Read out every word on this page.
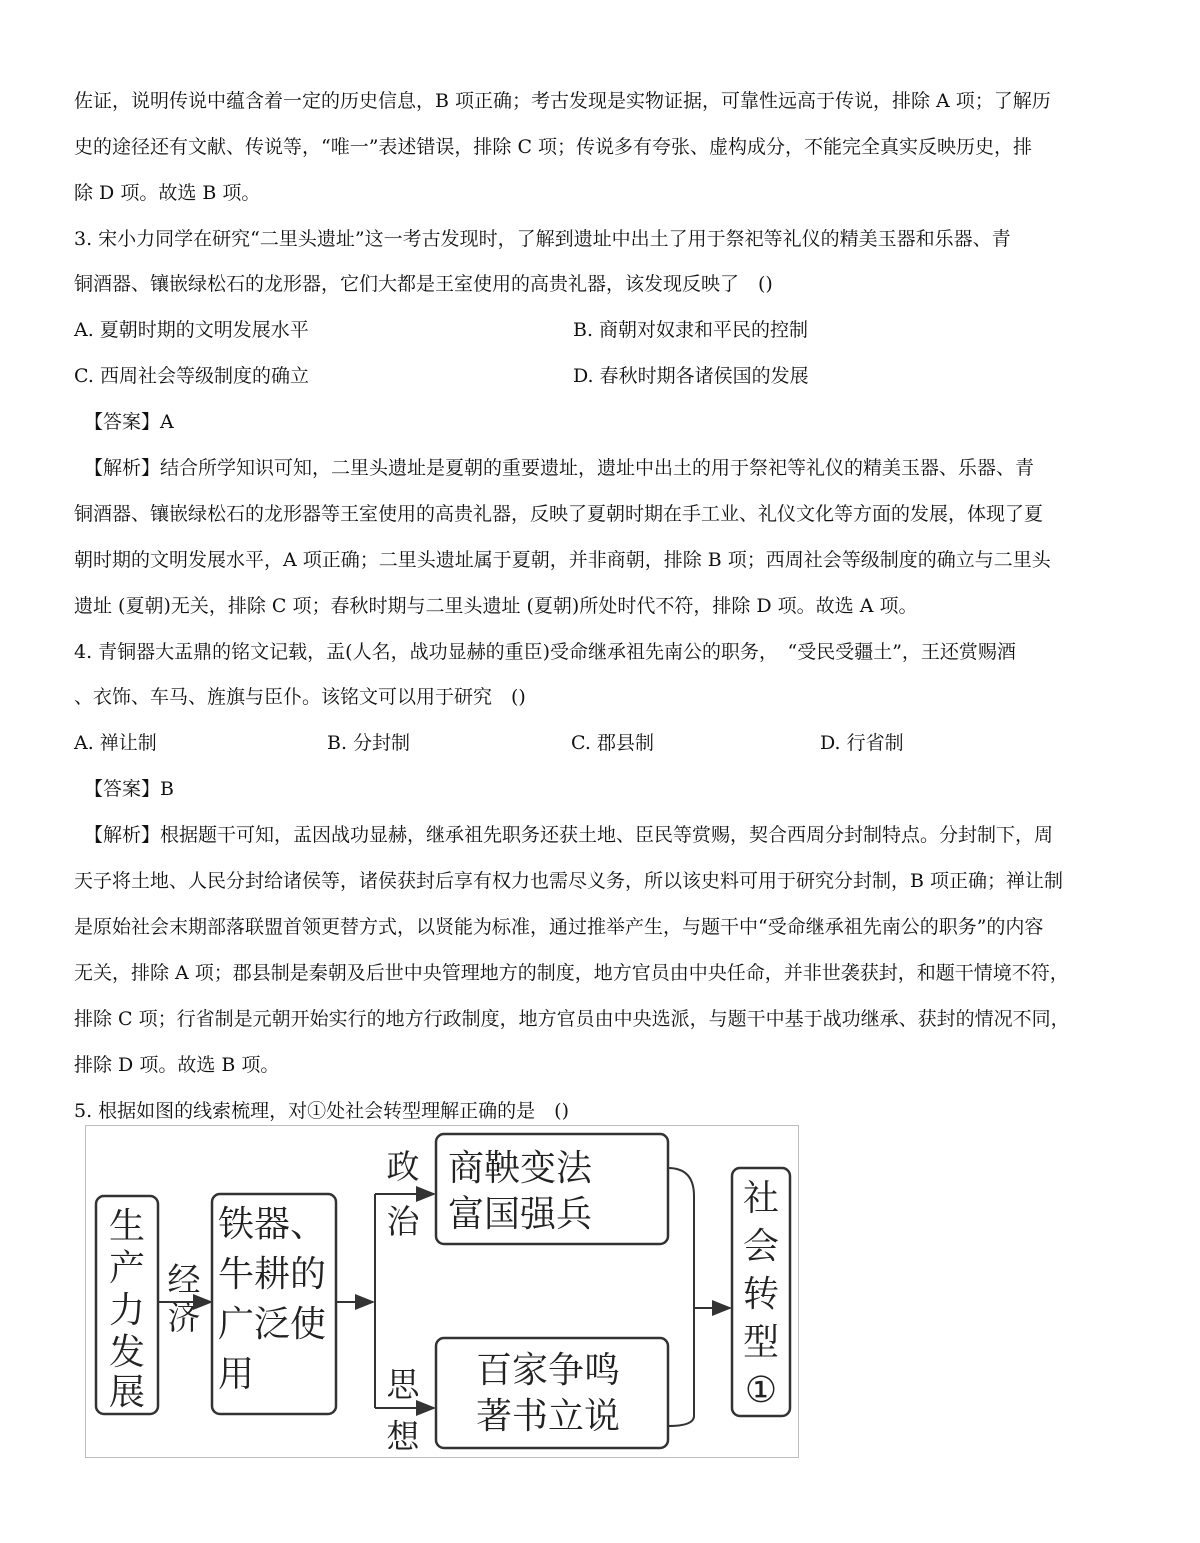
佐证，说明传说中蕴含着一定的历史信息，B 项正确；考古发现是实物证据，可靠性远高于传说，排除 A 项；了解历
史的途径还有文献、传说等，“唯一”表述错误，排除 C 项；传说多有夸张、虚构成分，不能完全真实反映历史，排
除 D 项。故选 B 项。
3. 宋小力同学在研究“二里头遗址”这一考古发现时，了解到遗址中出土了用于祭祀等礼仪的精美玉器和乐器、青
铜酒器、镶嵌绿松石的龙形器，它们大都是王室使用的高贵礼器，该发现反映了　()
A. 夏朝时期的文明发展水平	B. 商朝对奴隶和平民的控制
C. 西周社会等级制度的确立	D. 春秋时期各诸侯国的发展
【答案】A
【解析】结合所学知识可知，二里头遗址是夏朝的重要遗址，遗址中出土的用于祭祀等礼仪的精美玉器、乐器、青
铜酒器、镶嵌绿松石的龙形器等王室使用的高贵礼器，反映了夏朝时期在手工业、礼仪文化等方面的发展，体现了夏
朝时期的文明发展水平，A 项正确；二里头遗址属于夏朝，并非商朝，排除 B 项；西周社会等级制度的确立与二里头
遗址 (夏朝)无关，排除 C 项；春秋时期与二里头遗址 (夏朝)所处时代不符，排除 D 项。故选 A 项。
4. 青铜器大盂鼎的铭文记载，盂(人名，战功显赫的重臣)受命继承祖先南公的职务，　“受民受疆土”，王还赏赐酒
、衣饰、车马、旌旗与臣仆。该铭文可以用于研究　()
A. 禅让制	B. 分封制	C. 郡县制	D. 行省制
【答案】B
【解析】根据题干可知，盂因战功显赫，继承祖先职务还获土地、臣民等赏赐，契合西周分封制特点。分封制下，周
天子将土地、人民分封给诸侯等，诸侯获封后享有权力也需尽义务，所以该史料可用于研究分封制，B 项正确；禅让制
是原始社会末期部落联盟首领更替方式，以贤能为标准，通过推举产生，与题干中“受命继承祖先南公的职务”的内容
无关，排除 A 项；郡县制是秦朝及后世中央管理地方的制度，地方官员由中央任命，并非世袭获封，和题干情境不符，
排除 C 项；行省制是元朝开始实行的地方行政制度，地方官员由中央选派，与题干中基于战功继承、获封的情况不同，
排除 D 项。故选 B 项。
5. 根据如图的线索梳理，对①处社会转型理解正确的是　()
生
产
力
发
展
经
济
铁器、
牛耕的
广泛使
用
政
治
思
想
商鞅变法
富国强兵
百家争鸣
著书立说
社
会
转
型
①
